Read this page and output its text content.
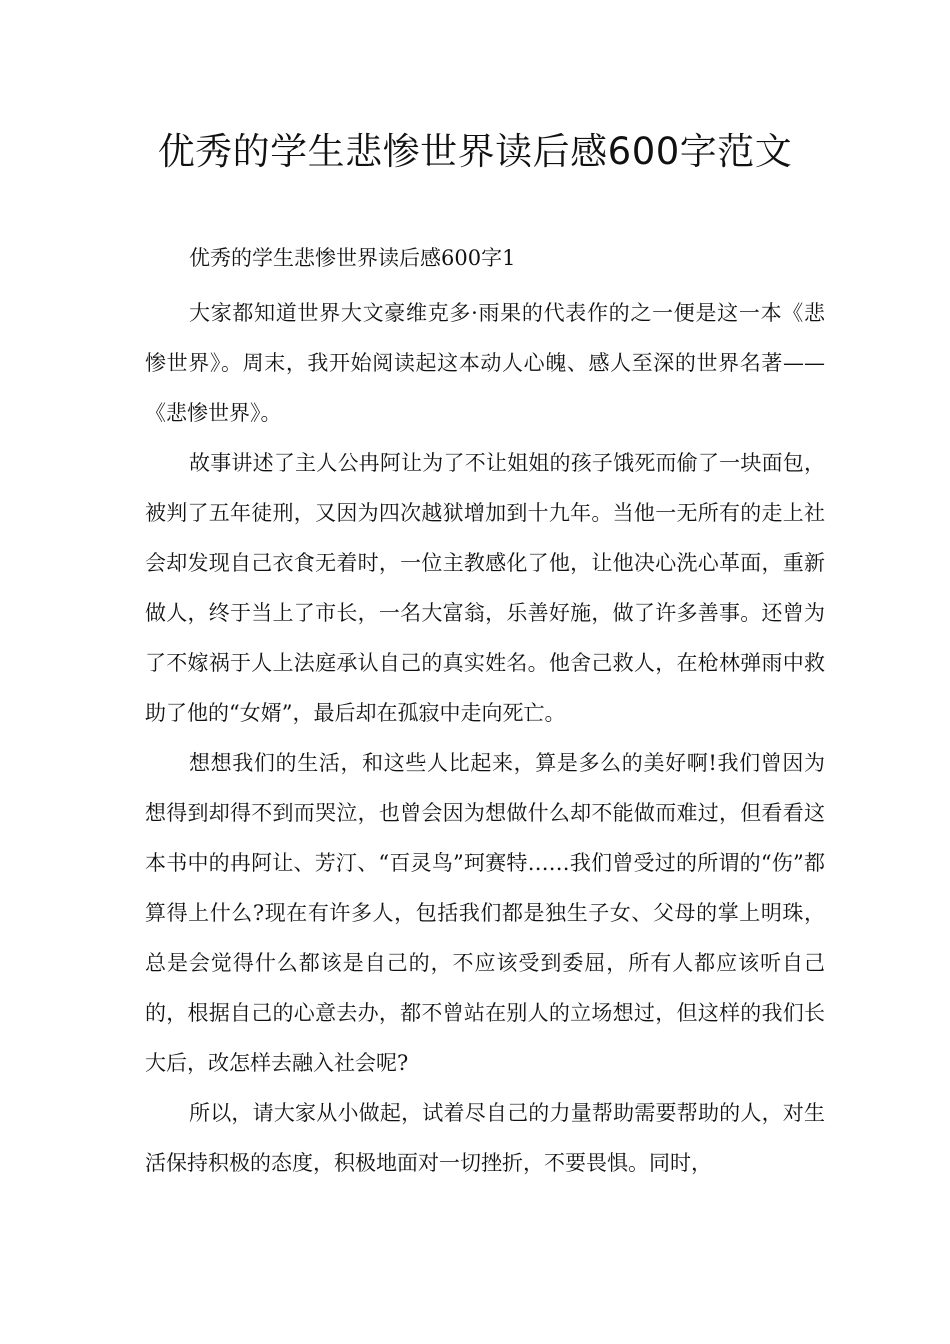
优秀的学生悲惨世界读后感600字范文

优秀的学生悲惨世界读后感600字1

大家都知道世界大文豪维克多·雨果的代表作的之一便是这一本《悲惨世界》。周末，我开始阅读起这本动人心魄、感人至深的世界名著——《悲惨世界》。

故事讲述了主人公冉阿让为了不让姐姐的孩子饿死而偷了一块面包，被判了五年徒刑，又因为四次越狱增加到十九年。当他一无所有的走上社会却发现自己衣食无着时，一位主教感化了他，让他决心洗心革面，重新做人，终于当上了市长，一名大富翁，乐善好施，做了许多善事。还曾为了不嫁祸于人上法庭承认自己的真实姓名。他舍己救人，在枪林弹雨中救助了他的“女婿”，最后却在孤寂中走向死亡。

想想我们的生活，和这些人比起来，算是多么的美好啊!我们曾因为想得到却得不到而哭泣，也曾会因为想做什么却不能做而难过，但看看这本书中的冉阿让、芳汀、“百灵鸟”珂赛特……我们曾受过的所谓的“伤”都算得上什么?现在有许多人，包括我们都是独生子女、父母的掌上明珠，总是会觉得什么都该是自己的，不应该受到委屈，所有人都应该听自己的，根据自己的心意去办，都不曾站在别人的立场想过，但这样的我们长大后，改怎样去融入社会呢?

所以，请大家从小做起，试着尽自己的力量帮助需要帮助的人，对生活保持积极的态度，积极地面对一切挫折，不要畏惧。同时，
